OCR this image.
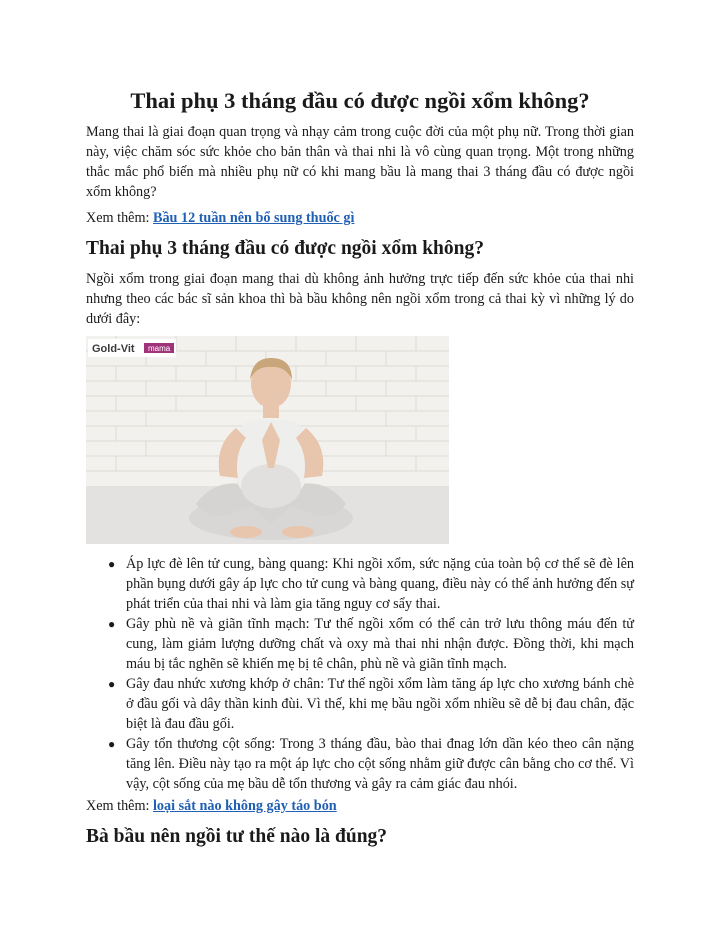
Thai phụ 3 tháng đầu có được ngồi xổm không?

Mang thai là giai đoạn quan trọng và nhạy cảm trong cuộc đời của một phụ nữ. Trong thời gian này, việc chăm sóc sức khỏe cho bản thân và thai nhi là vô cùng quan trọng. Một trong những thắc mắc phổ biến mà nhiều phụ nữ có khi mang bầu là mang thai 3 tháng đầu có được ngồi xổm không?

Xem thêm: Bầu 12 tuần nên bổ sung thuốc gì

Thai phụ 3 tháng đầu có được ngồi xổm không?

Ngồi xổm trong giai đoạn mang thai dù không ảnh hưởng trực tiếp đến sức khỏe của thai nhi nhưng theo các bác sĩ sản khoa thì bà bầu không nên ngồi xổm trong cả thai kỳ vì những lý do dưới đây:

Gold-Vit mama
● Áp lực đè lên tử cung, bàng quang: Khi ngồi xổm, sức nặng của toàn bộ cơ thể sẽ đè lên phần bụng dưới gây áp lực cho tử cung và bàng quang, điều này có thể ảnh hưởng đến sự phát triển của thai nhi và làm gia tăng nguy cơ sẩy thai.
● Gây phù nề và giãn tĩnh mạch: Tư thế ngồi xổm có thể cản trở lưu thông máu đến tử cung, làm giảm lượng dưỡng chất và oxy mà thai nhi nhận được. Đồng thời, khi mạch máu bị tắc nghẽn sẽ khiến mẹ bị tê chân, phù nề và giãn tĩnh mạch.
● Gây đau nhức xương khớp ở chân: Tư thế ngồi xổm làm tăng áp lực cho xương bánh chè ở đầu gối và dây thần kinh đùi. Vì thế, khi mẹ bầu ngồi xổm nhiều sẽ dễ bị đau chân, đặc biệt là đau đầu gối.
● Gây tổn thương cột sống: Trong 3 tháng đầu, bào thai đnag lớn dần kéo theo cân nặng tăng lên. Điều này tạo ra một áp lực cho cột sống nhằm giữ được cân bằng cho cơ thể. Vì vậy, cột sống của mẹ bầu dễ tổn thương và gây ra cảm giác đau nhói.

Xem thêm: loại sắt nào không gây táo bón

Bà bầu nên ngồi tư thế nào là đúng?
